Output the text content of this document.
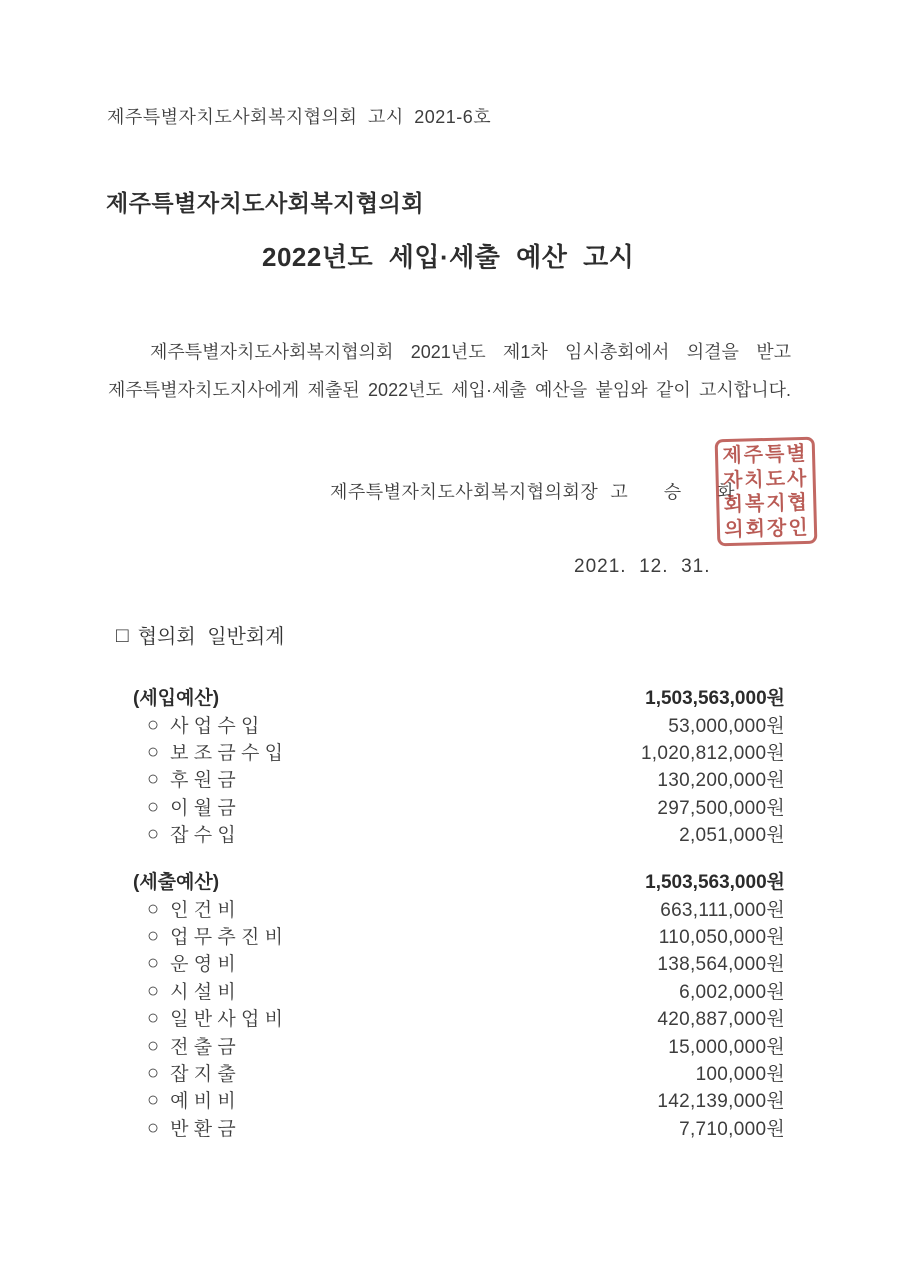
제주특별자치도사회복지협의회 고시 2021-6호
제주특별자치도사회복지협의회
2022년도 세입·세출 예산 고시
제주특별자치도사회복지협의회 2021년도 제1차 임시총회에서 의결을 받고
제주특별자치도지사에게 제출된 2022년도 세입·세출 예산을 붙임와 같이 고시합니다.
제주특별자치도사회복지협의회장 고 승 화
제주특별
자치도사
회복지협
의회장인
2021.  12.  31.
□ 협의회 일반회계
(세입예산)	1,503,563,000원
○ 사 업 수 입	53,000,000원
○ 보 조 금 수 입	1,020,812,000원
○ 후 원 금	130,200,000원
○ 이 월 금	297,500,000원
○ 잡 수 입	2,051,000원
(세출예산)	1,503,563,000원
○ 인 건 비	663,111,000원
○ 업 무 추 진 비	110,050,000원
○ 운 영 비	138,564,000원
○ 시 설 비	6,002,000원
○ 일 반 사 업 비	420,887,000원
○ 전 출 금	15,000,000원
○ 잡 지 출	100,000원
○ 예 비 비	142,139,000원
○ 반 환 금	7,710,000원
